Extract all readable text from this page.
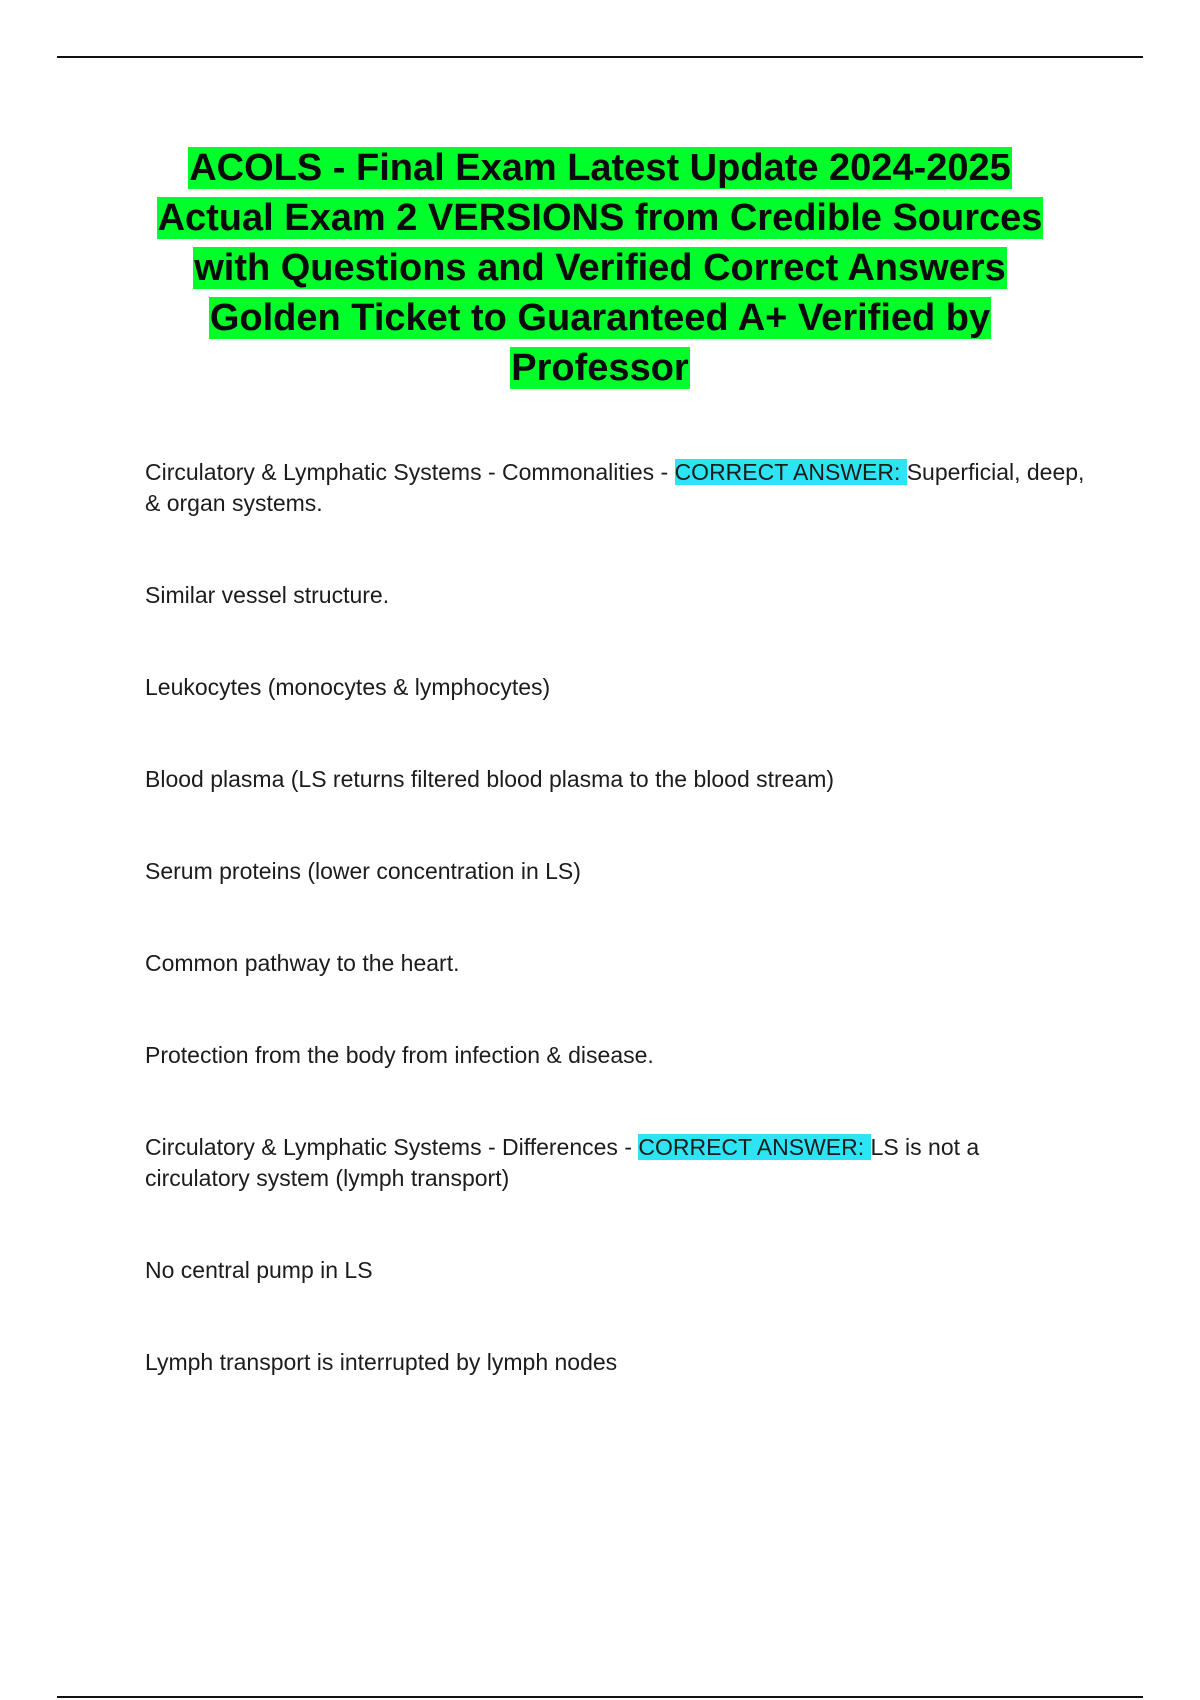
ACOLS - Final Exam Latest Update 2024-2025 Actual Exam 2 VERSIONS from Credible Sources with Questions and Verified Correct Answers Golden Ticket to Guaranteed A+ Verified by Professor

Circulatory & Lymphatic Systems - Commonalities - CORRECT ANSWER: Superficial, deep, & organ systems.

Similar vessel structure.

Leukocytes (monocytes & lymphocytes)

Blood plasma (LS returns filtered blood plasma to the blood stream)

Serum proteins (lower concentration in LS)

Common pathway to the heart.

Protection from the body from infection & disease.

Circulatory & Lymphatic Systems - Differences - CORRECT ANSWER: LS is not a circulatory system (lymph transport)

No central pump in LS

Lymph transport is interrupted by lymph nodes
